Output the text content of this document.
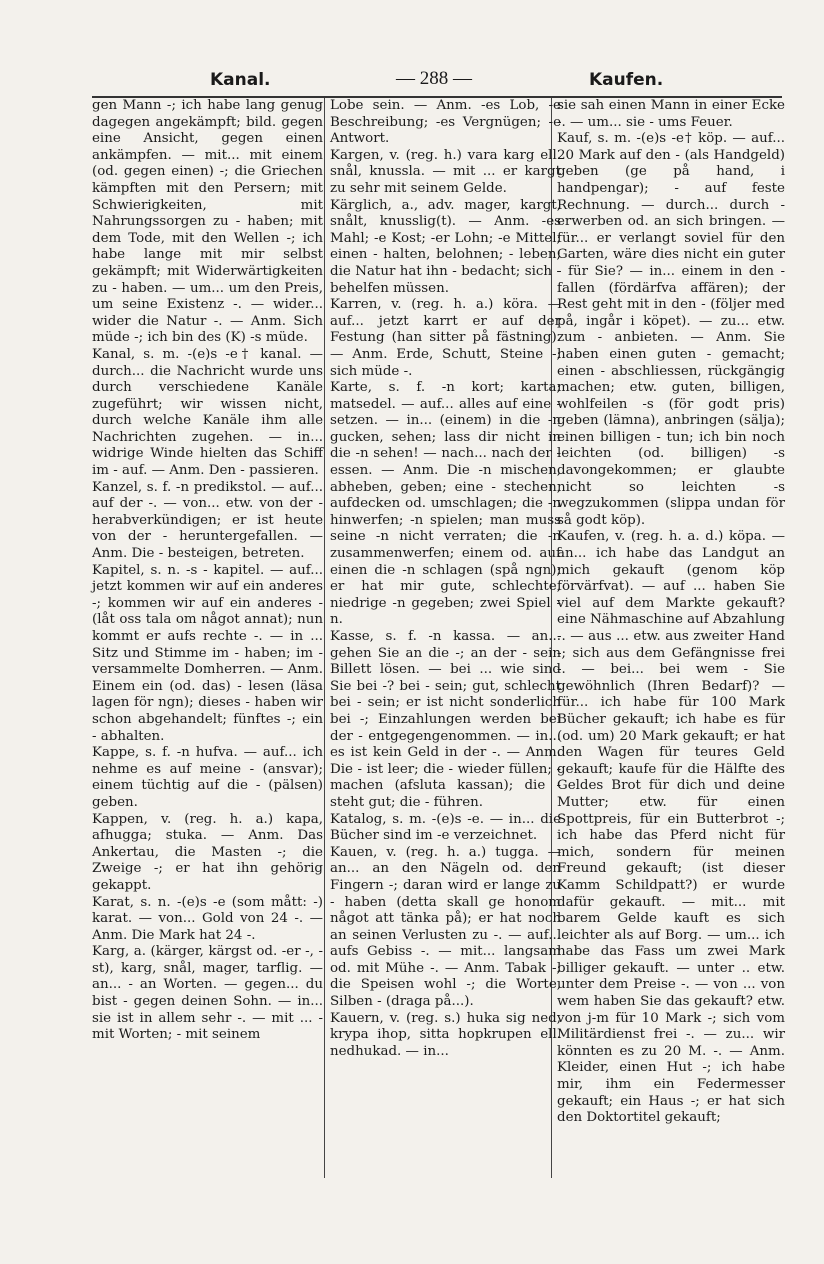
Kanal.	— 288 —	Kaufen.

gen Mann -; ich habe lang genug dagegen angekämpft; bild. gegen eine Ansicht, gegen einen ankämpfen. — mit... mit einem (od. gegen einen) -; die Griechen kämpften mit den Persern; mit Schwierigkeiten, mit Nahrungssorgen zu - haben; mit dem Tode, mit den Wellen -; ich habe lange mit mir selbst gekämpft; mit Widerwärtigkeiten zu - haben. — um... um den Preis, um seine Existenz -. — wider... wider die Natur -. — Anm. Sich müde -; ich bin des (K) -s müde.

Kanal, s. m. -(e)s -e† kanal. — durch... die Nachricht wurde uns durch verschiedene Kanäle zugeführt; wir wissen nicht, durch welche Kanäle ihm alle Nachrichten zugehen. — in... widrige Winde hielten das Schiff im - auf. — Anm. Den - passieren.

Kanzel, s. f. -n predikstol. — auf... auf der -. — von... etw. von der - herabverkündigen; er ist heute von der - heruntergefallen. — Anm. Die - besteigen, betreten.

Kapitel, s. n. -s - kapitel. — auf... jetzt kommen wir auf ein anderes -; kommen wir auf ein anderes - (låt oss tala om något annat); nun kommt er aufs rechte -. — in ... Sitz und Stimme im - haben; im - versammelte Domherren. — Anm. Einem ein (od. das) - lesen (läsa lagen för ngn); dieses - haben wir schon abgehandelt; fünftes -; ein - abhalten.

Kappe, s. f. -n hufva. — auf... ich nehme es auf meine - (ansvar); einem tüchtig auf die - (pälsen) geben.

Kappen, v. (reg. h. a.) kapa, afhugga; stuka. — Anm. Das Ankertau, die Masten -; die Zweige -; er hat ihn gehörig gekappt.

Karat, s. n. -(e)s -e (som mått: -) karat. — von... Gold von 24 -. — Anm. Die Mark hat 24 -.

Karg, a. (kärger, kärgst od. -er -, -st), karg, snål, mager, tarflig. — an... - an Worten. — gegen... du bist - gegen deinen Sohn. — in... sie ist in allem sehr -. — mit ... - mit Worten; - mit seinem

Lobe sein. — Anm. -es Lob, -e Beschreibung; -es Vergnügen; -e Antwort.

Kargen, v. (reg. h.) vara karg ell. snål, knussla. — mit ... er kargt zu sehr mit seinem Gelde.

Kärglich, a., adv. mager, kargt, snålt, knusslig(t). — Anm. -es Mahl; -e Kost; -er Lohn; -e Mittel; einen - halten, belohnen; - leben; die Natur hat ihn - bedacht; sich - behelfen müssen.

Karren, v. (reg. h. a.) köra. — auf... jetzt karrt er auf der Festung (han sitter på fästning). — Anm. Erde, Schutt, Steine -; sich müde -.

Karte, s. f. -n kort; karta; matsedel. — auf... alles auf eine - setzen. — in... (einem) in die -n gucken, sehen; lass dir nicht in die -n sehen! — nach... nach der - essen. — Anm. Die -n mischen, abheben, geben; eine - stechen, aufdecken od. umschlagen; die -n hinwerfen; -n spielen; man muss seine -n nicht verraten; die -n zusammenwerfen; einem od. auf einen die -n schlagen (spå ngn); er hat mir gute, schlechte, niedrige -n gegeben; zwei Spiel -n.

Kasse, s. f. -n kassa. — an... gehen Sie an die -; an der - sein Billett lösen. — bei ... wie sind Sie bei -? bei - sein; gut, schlecht bei - sein; er ist nicht sonderlich bei -; Einzahlungen werden bei der - entgegengenommen. — in... es ist kein Geld in der -. — Anm. Die - ist leer; die - wieder füllen; - machen (afsluta kassan); die - steht gut; die - führen.

Katalog, s. m. -(e)s -e. — in... die Bücher sind im -e verzeichnet.

Kauen, v. (reg. h. a.) tugga. — an... an den Nägeln od. den Fingern -; daran wird er lange zu - haben (detta skall ge honom något att tänka på); er hat noch an seinen Verlusten zu -. — auf... aufs Gebiss -. — mit... langsam od. mit Mühe -. — Anm. Tabak -; die Speisen wohl -; die Worte, Silben - (draga på...).

Kauern, v. (reg. s.) huka sig ned, krypa ihop, sitta hopkrupen ell. nedhukad. — in...

sie sah einen Mann in einer Ecke -. — um... sie - ums Feuer.

Kauf, s. m. -(e)s -e† köp. — auf... 20 Mark auf den - (als Handgeld) geben (ge på hand, i handpengar); - auf feste Rechnung. — durch... durch - erwerben od. an sich bringen. — für... er verlangt soviel für den Garten, wäre dies nicht ein guter - für Sie? — in... einem in den - fallen (fördärfva affären); der Rest geht mit in den - (följer med på, ingår i köpet). — zu... etw. zum - anbieten. — Anm. Sie haben einen guten - gemacht; einen - abschliessen, rückgängig machen; etw. guten, billigen, wohlfeilen -s (för godt pris) geben (lämna), anbringen (sälja); einen billigen - tun; ich bin noch leichten (od. billigen) -s davongekommen; er glaubte nicht so leichten -s wegzukommen (slippa undan för så godt köp).

Kaufen, v. (reg. h. a. d.) köpa. — an... ich habe das Landgut an mich gekauft (genom köp förvärfvat). — auf ... haben Sie viel auf dem Markte gekauft? eine Nähmaschine auf Abzahlung -. — aus ... etw. aus zweiter Hand -; sich aus dem Gefängnisse frei -. — bei... bei wem - Sie gewöhnlich (Ihren Bedarf)? — für... ich habe für 100 Mark Bücher gekauft; ich habe es für (od. um) 20 Mark gekauft; er hat den Wagen für teures Geld gekauft; kaufe für die Hälfte des Geldes Brot für dich und deine Mutter; etw. für einen Spottpreis, für ein Butterbrot -; ich habe das Pferd nicht für mich, sondern für meinen Freund gekauft; (ist dieser Kamm Schildpatt?) er wurde dafür gekauft. — mit... mit barem Gelde kauft es sich leichter als auf Borg. — um... ich habe das Fass um zwei Mark billiger gekauft. — unter .. etw. unter dem Preise -. — von ... von wem haben Sie das gekauft? etw. von j-m für 10 Mark -; sich vom Militärdienst frei -. — zu... wir könnten es zu 20 M. -. — Anm. Kleider, einen Hut -; ich habe mir, ihm ein Federmesser gekauft; ein Haus -; er hat sich den Doktortitel gekauft;
